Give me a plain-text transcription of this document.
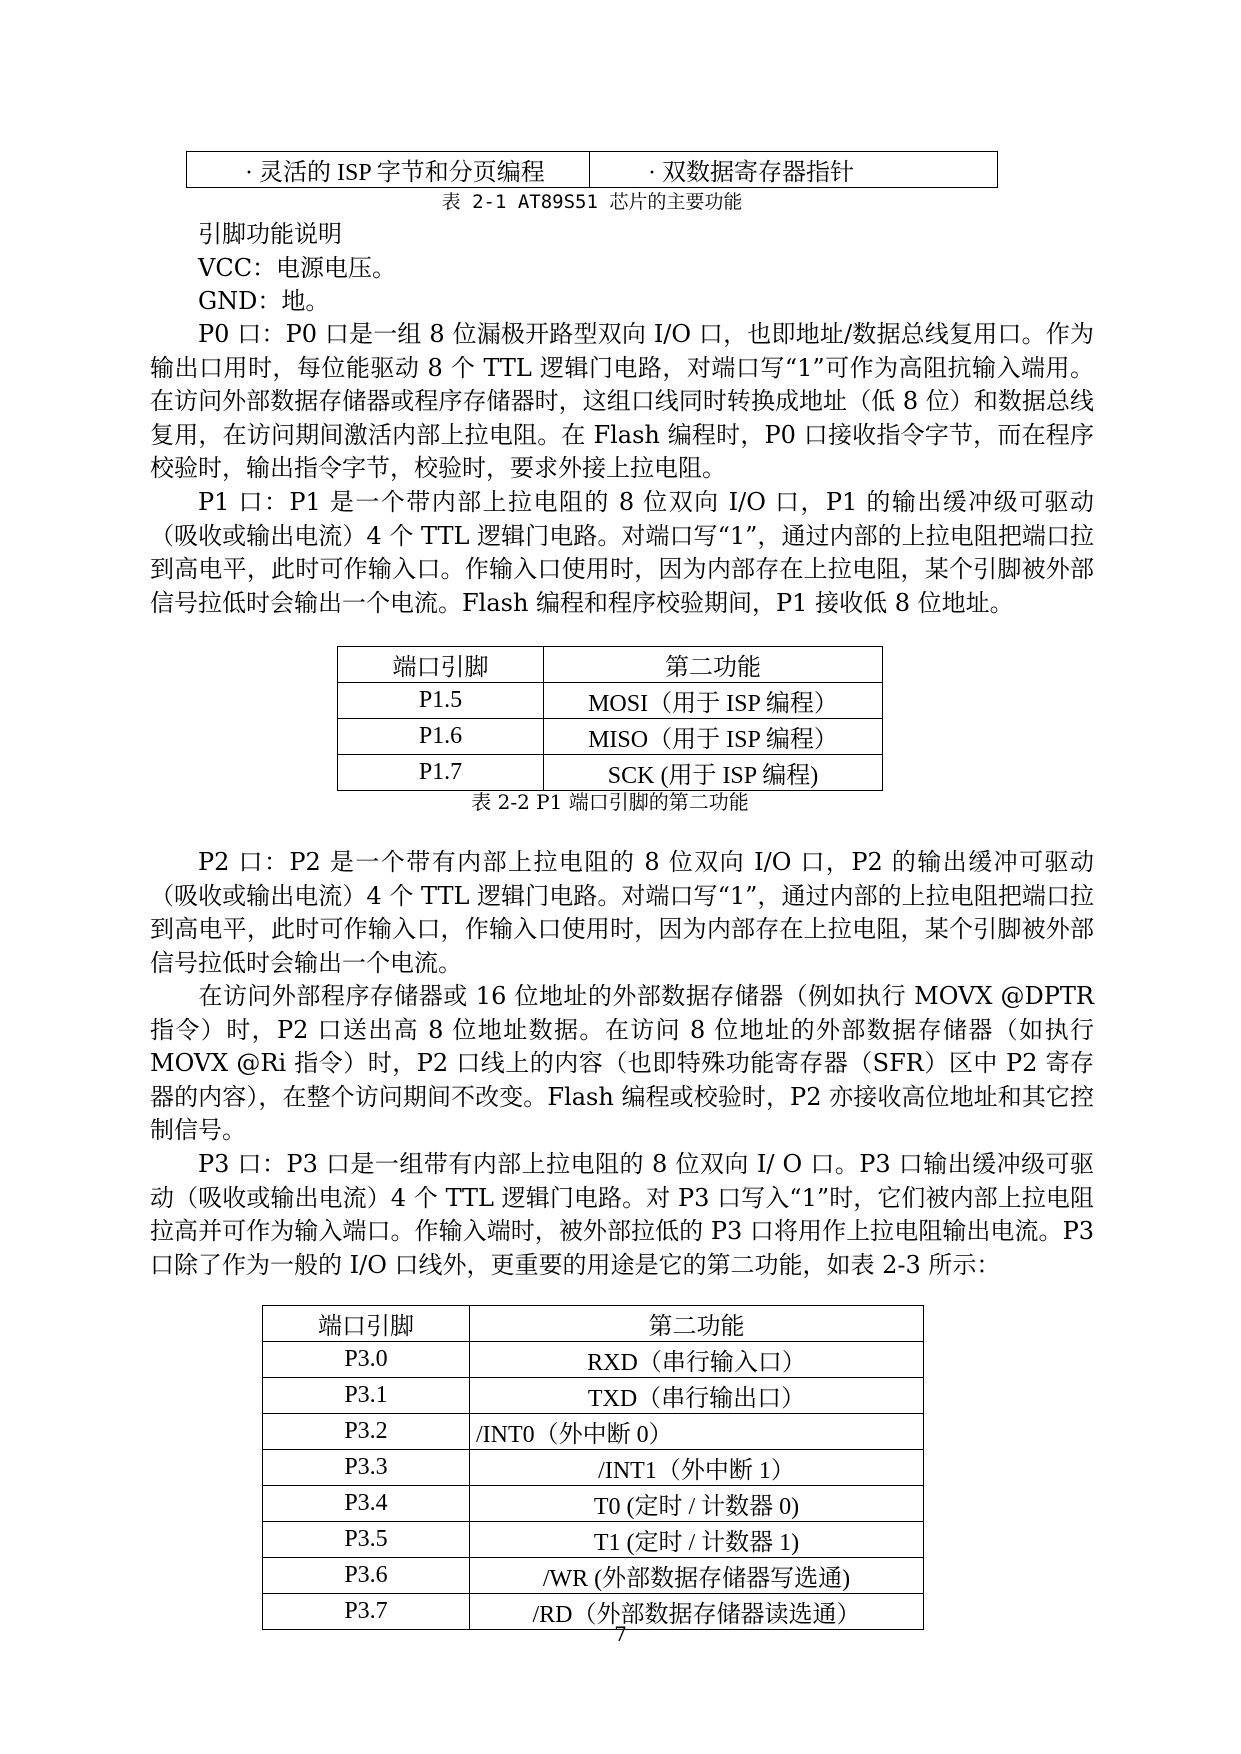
· 灵活的 ISP 字节和分页编程	· 双数据寄存器指针
表 2-1 AT89S51 芯片的主要功能
引脚功能说明
VCC：电源电压。
GND：地。
P0 口：P0 口是一组 8 位漏极开路型双向 I/O 口，也即地址/数据总线复用口。作为输出口用时，每位能驱动 8 个 TTL 逻辑门电路，对端口写“1”可作为高阻抗输入端用。在访问外部数据存储器或程序存储器时，这组口线同时转换成地址（低 8 位）和数据总线复用，在访问期间激活内部上拉电阻。在 Flash 编程时，P0 口接收指令字节，而在程序校验时，输出指令字节，校验时，要求外接上拉电阻。
P1 口：P1 是一个带内部上拉电阻的 8 位双向 I/O 口，P1 的输出缓冲级可驱动（吸收或输出电流）4 个 TTL 逻辑门电路。对端口写“1”，通过内部的上拉电阻把端口拉到高电平，此时可作输入口。作输入口使用时，因为内部存在上拉电阻，某个引脚被外部信号拉低时会输出一个电流。Flash 编程和程序校验期间，P1 接收低 8 位地址。
端口引脚	第二功能
P1.5	MOSI（用于 ISP 编程）
P1.6	MISO（用于 ISP 编程）
P1.7	SCK (用于 ISP 编程)
表 2-2 P1 端口引脚的第二功能
P2 口：P2 是一个带有内部上拉电阻的 8 位双向 I/O 口，P2 的输出缓冲可驱动（吸收或输出电流）4 个 TTL 逻辑门电路。对端口写“1”，通过内部的上拉电阻把端口拉到高电平，此时可作输入口，作输入口使用时，因为内部存在上拉电阻，某个引脚被外部信号拉低时会输出一个电流。
在访问外部程序存储器或 16 位地址的外部数据存储器（例如执行 MOVX @DPTR 指令）时，P2 口送出高 8 位地址数据。在访问 8 位地址的外部数据存储器（如执行 MOVX @Ri 指令）时，P2 口线上的内容（也即特殊功能寄存器（SFR）区中 P2 寄存器的内容），在整个访问期间不改变。Flash 编程或校验时，P2 亦接收高位地址和其它控制信号。
P3 口：P3 口是一组带有内部上拉电阻的 8 位双向 I/ O 口。P3 口输出缓冲级可驱动（吸收或输出电流）4 个 TTL 逻辑门电路。对 P3 口写入“1”时，它们被内部上拉电阻拉高并可作为输入端口。作输入端时，被外部拉低的 P3 口将用作上拉电阻输出电流。P3 口除了作为一般的 I/O 口线外，更重要的用途是它的第二功能，如表 2-3 所示：
端口引脚	第二功能
P3.0	RXD（串行输入口）
P3.1	TXD（串行输出口）
P3.2	/INT0（外中断 0）
P3.3	/INT1（外中断 1）
P3.4	T0 (定时 / 计数器 0)
P3.5	T1 (定时 / 计数器 1)
P3.6	/WR (外部数据存储器写选通)
P3.7	/RD（外部数据存储器读选通）
7
